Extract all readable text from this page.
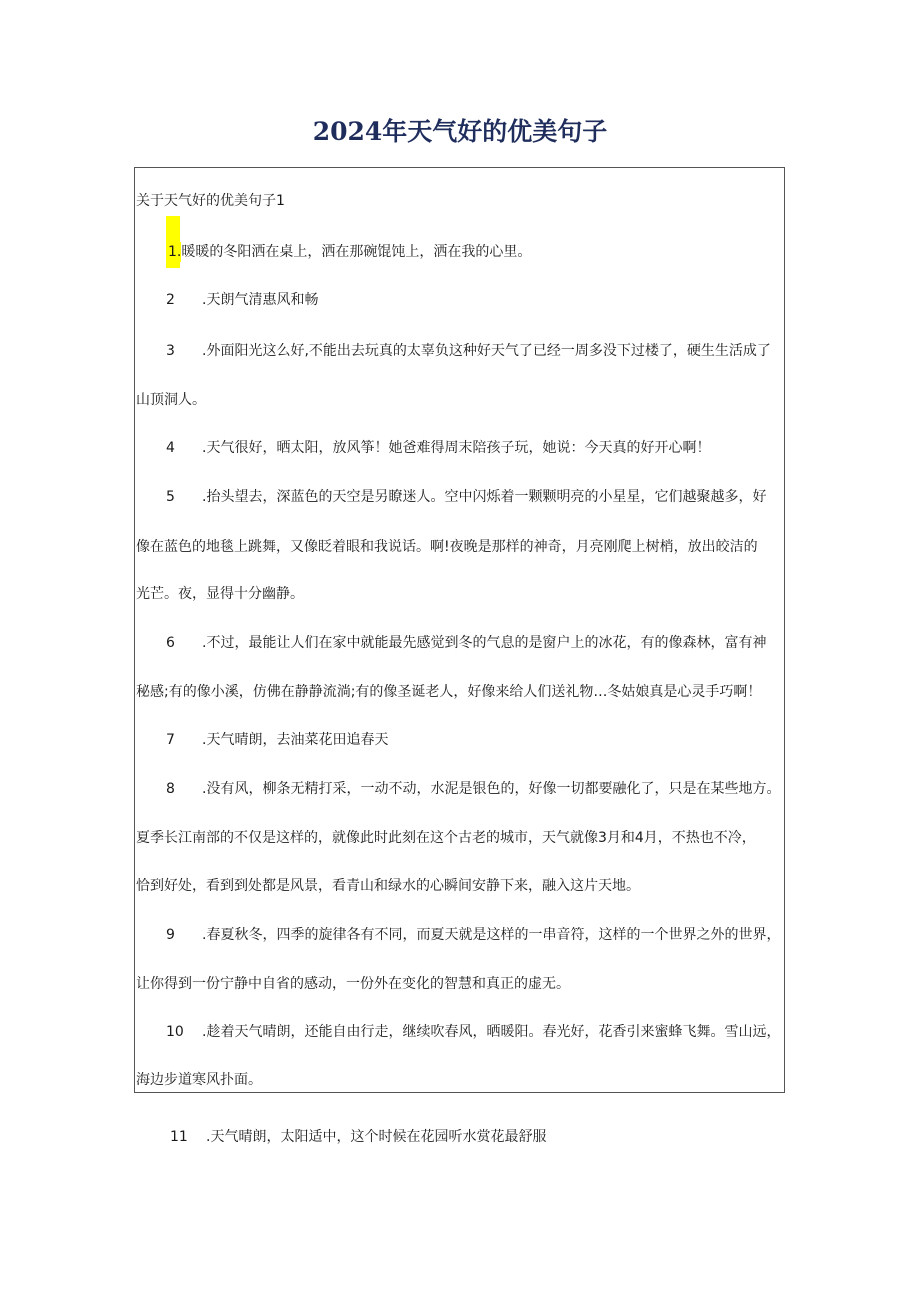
2024年天气好的优美句子
关于天气好的优美句子1
1.暖暖的冬阳洒在桌上，洒在那碗馄饨上，洒在我的心里。
2 .天朗气清惠风和畅
3 .外面阳光这么好,不能出去玩真的太辜负这种好天气了已经一周多没下过楼了，硬生生活成了
山顶洞人。
4 .天气很好，晒太阳，放风筝！她爸难得周末陪孩子玩，她说：今天真的好开心啊！
5 .抬头望去，深蓝色的天空是另瞭迷人。空中闪烁着一颗颗明亮的小星星，它们越聚越多，好
像在蓝色的地毯上跳舞，又像眨着眼和我说话。啊!夜晚是那样的神奇，月亮刚爬上树梢，放出皎洁的
光芒。夜，显得十分幽静。
6 .不过，最能让人们在家中就能最先感觉到冬的气息的是窗户上的冰花，有的像森林，富有神
秘感;有的像小溪，仿佛在静静流淌;有的像圣诞老人，好像来给人们送礼物…冬姑娘真是心灵手巧啊！
7 .天气晴朗，去油菜花田追春天
8 .没有风，柳条无精打采，一动不动，水泥是银色的，好像一切都要融化了，只是在某些地方。
夏季长江南部的不仅是这样的，就像此时此刻在这个古老的城市，天气就像3月和4月，不热也不冷，
恰到好处，看到到处都是风景，看青山和绿水的心瞬间安静下来，融入这片天地。
9 .春夏秋冬，四季的旋律各有不同，而夏天就是这样的一串音符，这样的一个世界之外的世界，
让你得到一份宁静中自省的感动，一份外在变化的智慧和真正的虚无。
10 .趁着天气晴朗，还能自由行走，继续吹春风，晒暖阳。春光好，花香引来蜜蜂飞舞。雪山远，
海边步道寒风扑面。
11 .天气晴朗，太阳适中，这个时候在花园听水赏花最舒服
